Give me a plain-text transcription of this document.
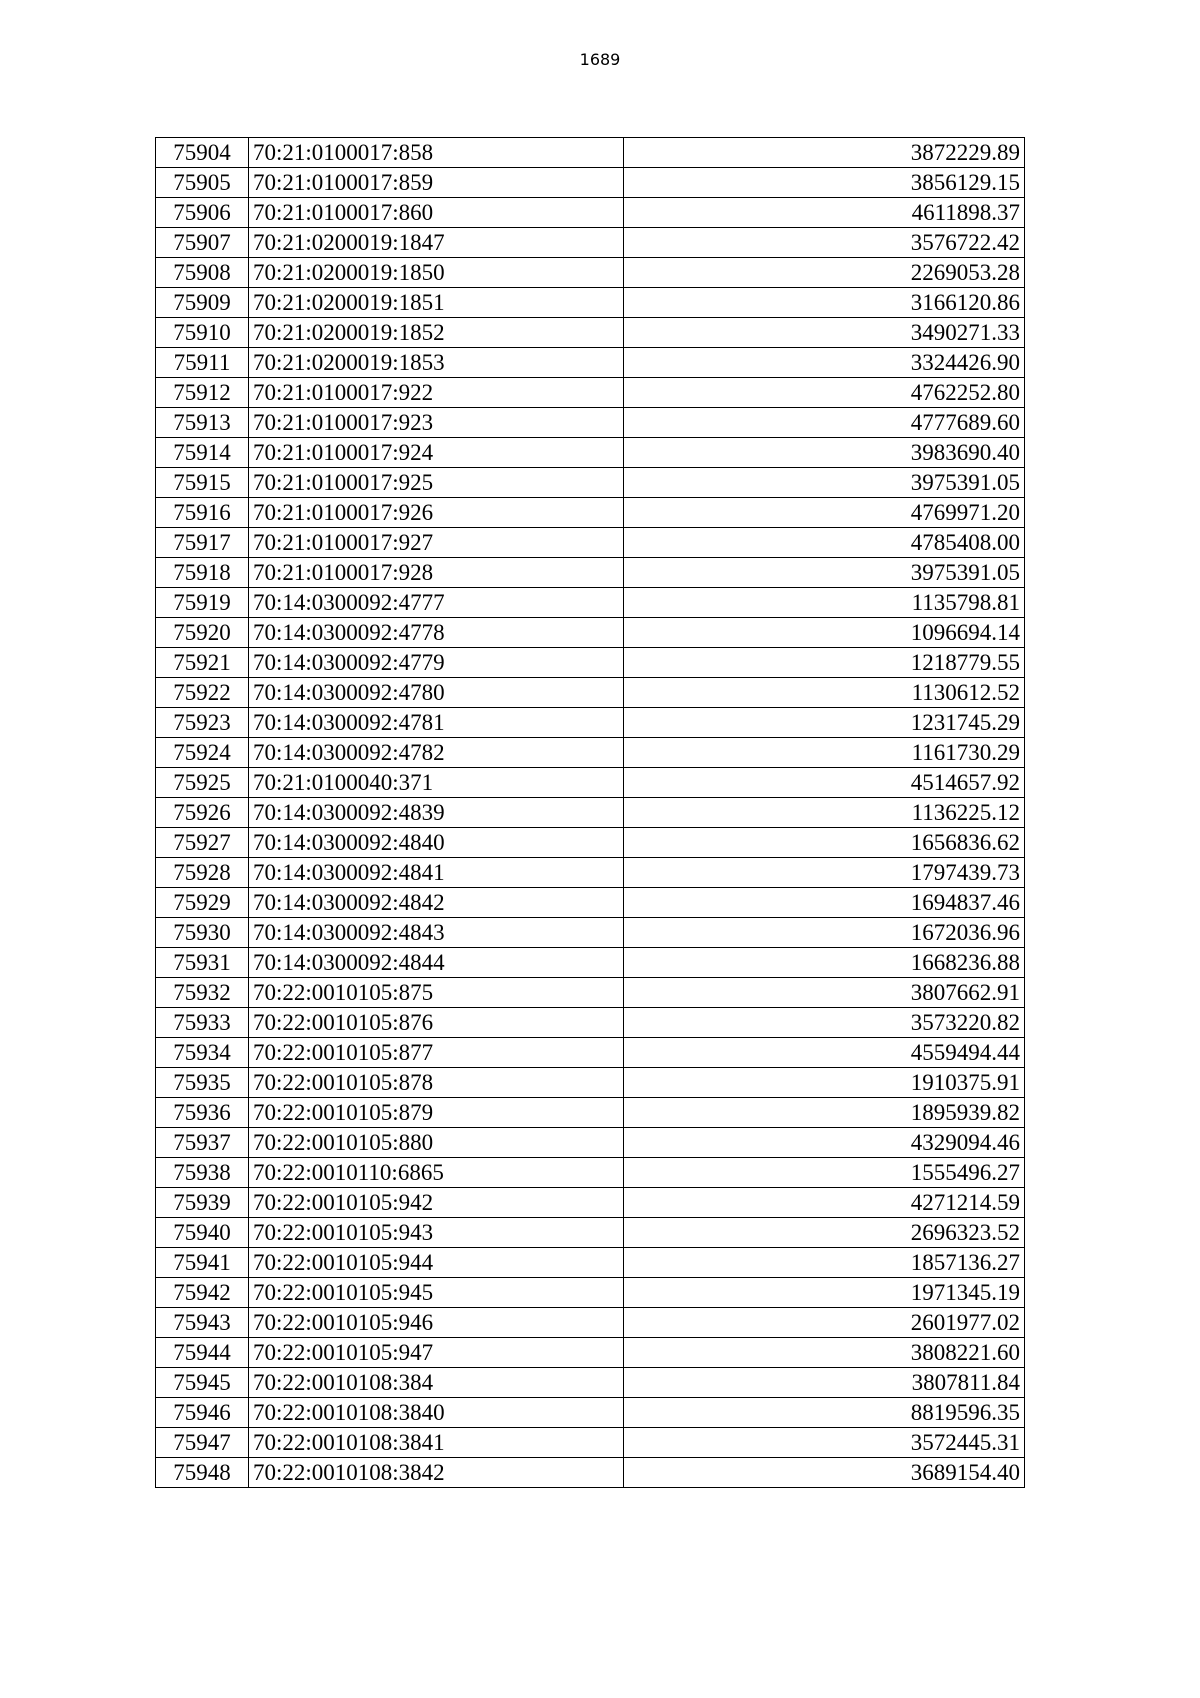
1689
75904	70:21:0100017:858	3872229.89
75905	70:21:0100017:859	3856129.15
75906	70:21:0100017:860	4611898.37
75907	70:21:0200019:1847	3576722.42
75908	70:21:0200019:1850	2269053.28
75909	70:21:0200019:1851	3166120.86
75910	70:21:0200019:1852	3490271.33
75911	70:21:0200019:1853	3324426.90
75912	70:21:0100017:922	4762252.80
75913	70:21:0100017:923	4777689.60
75914	70:21:0100017:924	3983690.40
75915	70:21:0100017:925	3975391.05
75916	70:21:0100017:926	4769971.20
75917	70:21:0100017:927	4785408.00
75918	70:21:0100017:928	3975391.05
75919	70:14:0300092:4777	1135798.81
75920	70:14:0300092:4778	1096694.14
75921	70:14:0300092:4779	1218779.55
75922	70:14:0300092:4780	1130612.52
75923	70:14:0300092:4781	1231745.29
75924	70:14:0300092:4782	1161730.29
75925	70:21:0100040:371	4514657.92
75926	70:14:0300092:4839	1136225.12
75927	70:14:0300092:4840	1656836.62
75928	70:14:0300092:4841	1797439.73
75929	70:14:0300092:4842	1694837.46
75930	70:14:0300092:4843	1672036.96
75931	70:14:0300092:4844	1668236.88
75932	70:22:0010105:875	3807662.91
75933	70:22:0010105:876	3573220.82
75934	70:22:0010105:877	4559494.44
75935	70:22:0010105:878	1910375.91
75936	70:22:0010105:879	1895939.82
75937	70:22:0010105:880	4329094.46
75938	70:22:0010110:6865	1555496.27
75939	70:22:0010105:942	4271214.59
75940	70:22:0010105:943	2696323.52
75941	70:22:0010105:944	1857136.27
75942	70:22:0010105:945	1971345.19
75943	70:22:0010105:946	2601977.02
75944	70:22:0010105:947	3808221.60
75945	70:22:0010108:384	3807811.84
75946	70:22:0010108:3840	8819596.35
75947	70:22:0010108:3841	3572445.31
75948	70:22:0010108:3842	3689154.40
